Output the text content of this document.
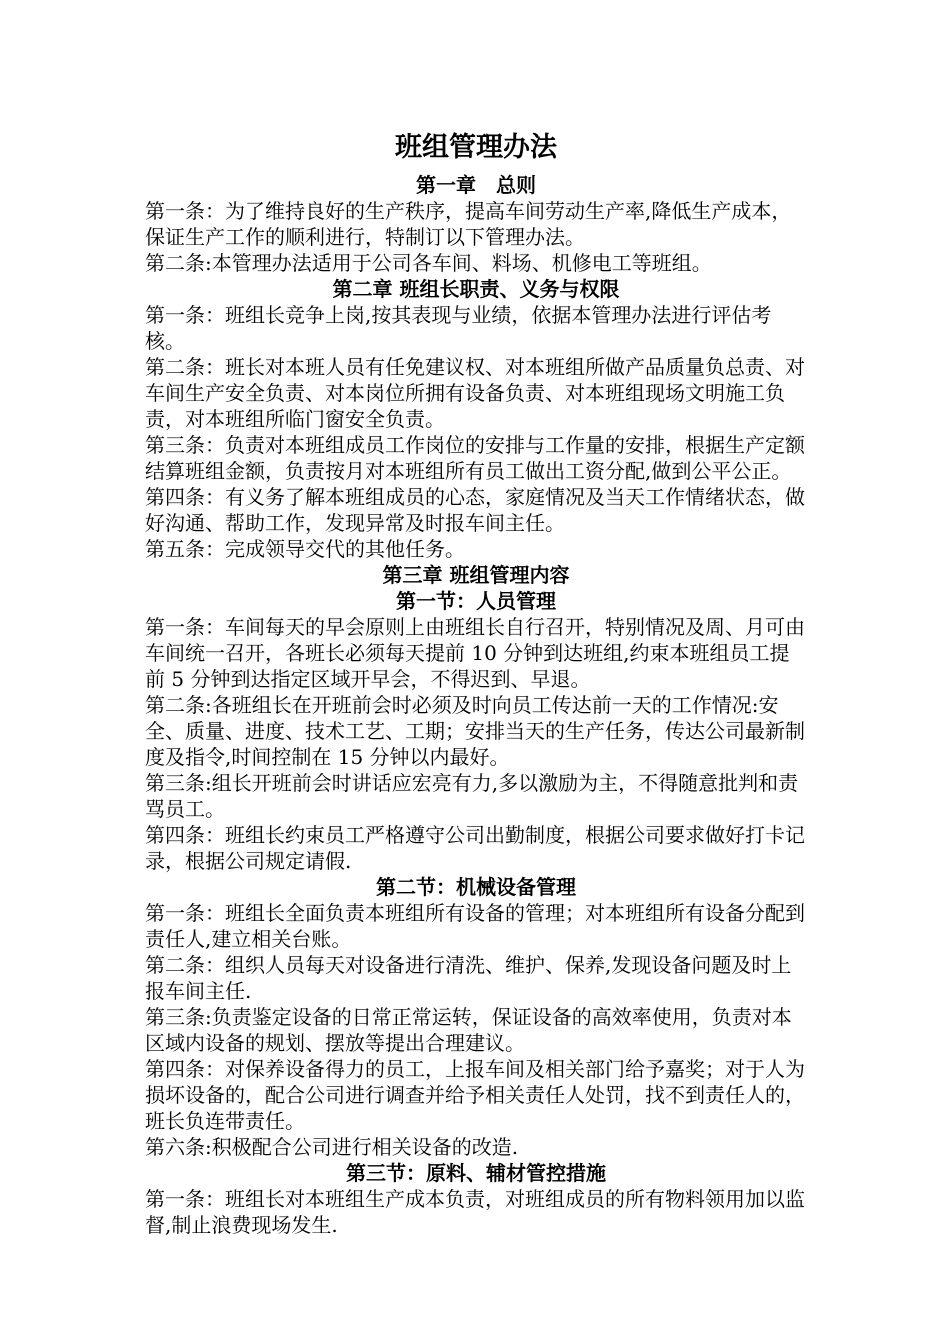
班组管理办法
第一章　总则

第一条：为了维持良好的生产秩序，提高车间劳动生产率,降低生产成本，保证生产工作的顺利进行，特制订以下管理办法。

第二条:本管理办法适用于公司各车间、料场、机修电工等班组。

第二章 班组长职责、义务与权限

第一条：班组长竞争上岗,按其表现与业绩，依据本管理办法进行评估考核。

第二条：班长对本班人员有任免建议权、对本班组所做产品质量负总责、对车间生产安全负责、对本岗位所拥有设备负责、对本班组现场文明施工负责，对本班组所临门窗安全负责。

第三条：负责对本班组成员工作岗位的安排与工作量的安排，根据生产定额结算班组金额，负责按月对本班组所有员工做出工资分配,做到公平公正。

第四条：有义务了解本班组成员的心态，家庭情况及当天工作情绪状态，做好沟通、帮助工作，发现异常及时报车间主任。

第五条：完成领导交代的其他任务。

第三章 班组管理内容
第一节：人员管理

第一条：车间每天的早会原则上由班组长自行召开，特别情况及周、月可由车间统一召开，各班长必须每天提前 10 分钟到达班组,约束本班组员工提前 5 分钟到达指定区域开早会，不得迟到、早退。

第二条:各班组长在开班前会时必须及时向员工传达前一天的工作情况:安全、质量、进度、技术工艺、工期；安排当天的生产任务，传达公司最新制度及指令,时间控制在 15 分钟以内最好。

第三条:组长开班前会时讲话应宏亮有力,多以激励为主，不得随意批判和责骂员工。

第四条：班组长约束员工严格遵守公司出勤制度，根据公司要求做好打卡记录，根据公司规定请假.

第二节：机械设备管理

第一条：班组长全面负责本班组所有设备的管理；对本班组所有设备分配到责任人,建立相关台账。

第二条：组织人员每天对设备进行清洗、维护、保养,发现设备问题及时上报车间主任.

第三条:负责鉴定设备的日常正常运转，保证设备的高效率使用，负责对本区域内设备的规划、摆放等提出合理建议。

第四条：对保养设备得力的员工，上报车间及相关部门给予嘉奖；对于人为损坏设备的，配合公司进行调查并给予相关责任人处罚，找不到责任人的，班长负连带责任。

第六条:积极配合公司进行相关设备的改造.

第三节：原料、辅材管控措施

第一条：班组长对本班组生产成本负责，对班组成员的所有物料领用加以监督,制止浪费现场发生.
